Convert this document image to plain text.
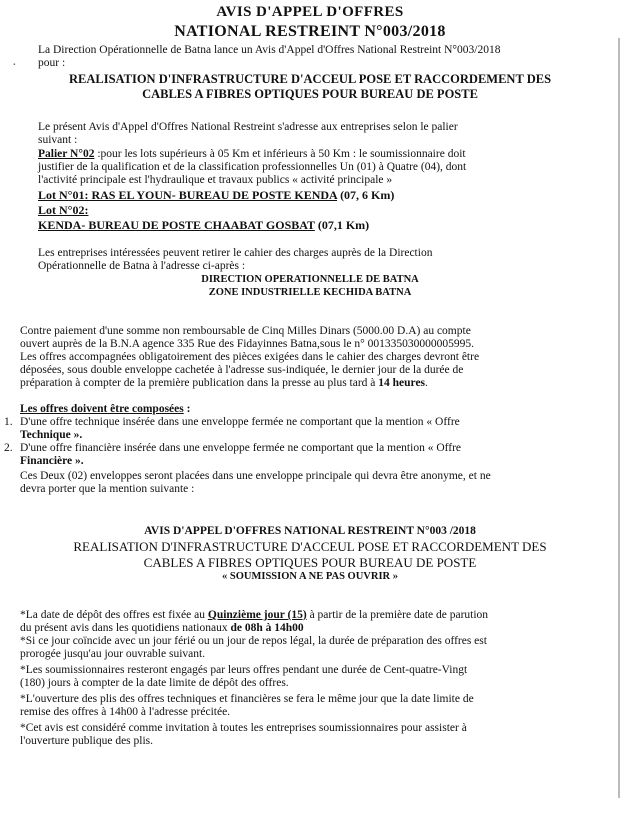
AVIS D'APPEL D'OFFRES
NATIONAL RESTREINT N°003/2018
La Direction Opérationnelle de Batna lance un Avis d'Appel d'Offres National Restreint N°003/2018
pour :
·
REALISATION D'INFRASTRUCTURE D'ACCEUL POSE ET RACCORDEMENT DES
CABLES A FIBRES OPTIQUES POUR BUREAU DE POSTE
Le présent Avis d'Appel d'Offres National Restreint s'adresse aux entreprises selon le palier
suivant :
Palier N°02 :pour les lots supérieurs à 05 Km et inférieurs à 50 Km : le soumissionnaire doit
justifier de la qualification et de la classification professionnelles Un (01) à Quatre (04), dont
l'activité principale est l'hydraulique et travaux publics « activité principale »
Lot N°01: RAS EL YOUN- BUREAU DE POSTE KENDA (07, 6 Km)
Lot N°02:
KENDA- BUREAU DE POSTE CHAABAT GOSBAT (07,1 Km)
Les entreprises intéressées peuvent retirer le cahier des charges auprès de la Direction
Opérationnelle de Batna à l'adresse ci-après :
DIRECTION OPERATIONNELLE DE BATNA
ZONE INDUSTRIELLE KECHIDA BATNA
Contre paiement d'une somme non remboursable de Cinq Milles Dinars (5000.00 D.A) au compte
ouvert auprès de la B.N.A agence 335 Rue des Fidayinnes Batna,sous le n° 001335030000005995.
Les offres accompagnées obligatoirement des pièces exigées dans le cahier des charges devront être
déposées, sous double enveloppe cachetée à l'adresse sus-indiquée, le dernier jour de la durée de
préparation à compter de la première publication dans la presse au plus tard à 14 heures.
Les offres doivent être composées :
1. D'une offre technique insérée dans une enveloppe fermée ne comportant que la mention « Offre
Technique ».
2. D'une offre financière insérée dans une enveloppe fermée ne comportant que la mention « Offre
Financière ».
Ces Deux (02) enveloppes seront placées dans une enveloppe principale qui devra être anonyme, et ne
devra porter que la mention suivante :
AVIS D'APPEL D'OFFRES NATIONAL RESTREINT N°003 /2018
REALISATION D'INFRASTRUCTURE D'ACCEUL POSE ET RACCORDEMENT DES
CABLES A FIBRES OPTIQUES POUR BUREAU DE POSTE
« SOUMISSION A NE PAS OUVRIR »
*La date de dépôt des offres est fixée au Quinzième jour (15) à partir de la première date de parution
du présent avis dans les quotidiens nationaux de 08h à 14h00
*Si ce jour coïncide avec un jour férié ou un jour de repos légal, la durée de préparation des offres est
prorogée jusqu'au jour ouvrable suivant.
*Les soumissionnaires resteront engagés par leurs offres pendant une durée de Cent-quatre-Vingt
(180) jours à compter de la date limite de dépôt des offres.
*L'ouverture des plis des offres techniques et financières se fera le même jour que la date limite de
remise des offres à 14h00 à l'adresse précitée.
*Cet avis est considéré comme invitation à toutes les entreprises soumissionnaires pour assister à
l'ouverture publique des plis.
